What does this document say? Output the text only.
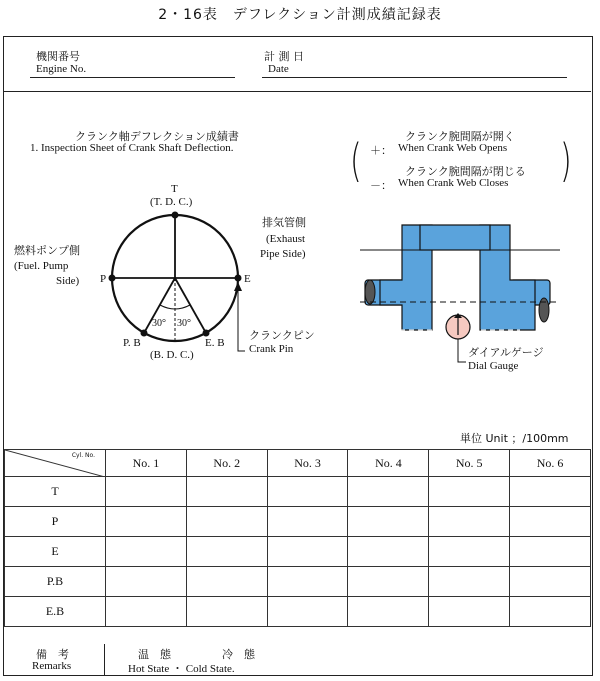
2・16表　デフレクション計測成績記録表
機関番号
Engine No.
計 測 日
Date
クランク軸デフレクション成績書
1. Inspection Sheet of Crank Shaft Deflection.
T
(T. D. C.)
P	E
P. B	E. B
(B. D. C.)
燃料ポンプ側
(Fuel. Pump
Side)
排気管側
(Exhaust
Pipe Side)
クランクピン
Crank Pin
30° 30°
(	)
クランク腕間隔が開く
＋： When Crank Web Opens
クランク腕間隔が閉じる
－： When Crank Web Closes
ダイアルゲージ
Dial Gauge
単位 Unit ；/100mm
Cyl. No.	No. 1	No. 2	No. 3	No. 4	No. 5	No. 6
T						
P						
E						
P.B						
E.B						
備　考
Remarks
温　態	冷　態
Hot State ・ Cold State.
